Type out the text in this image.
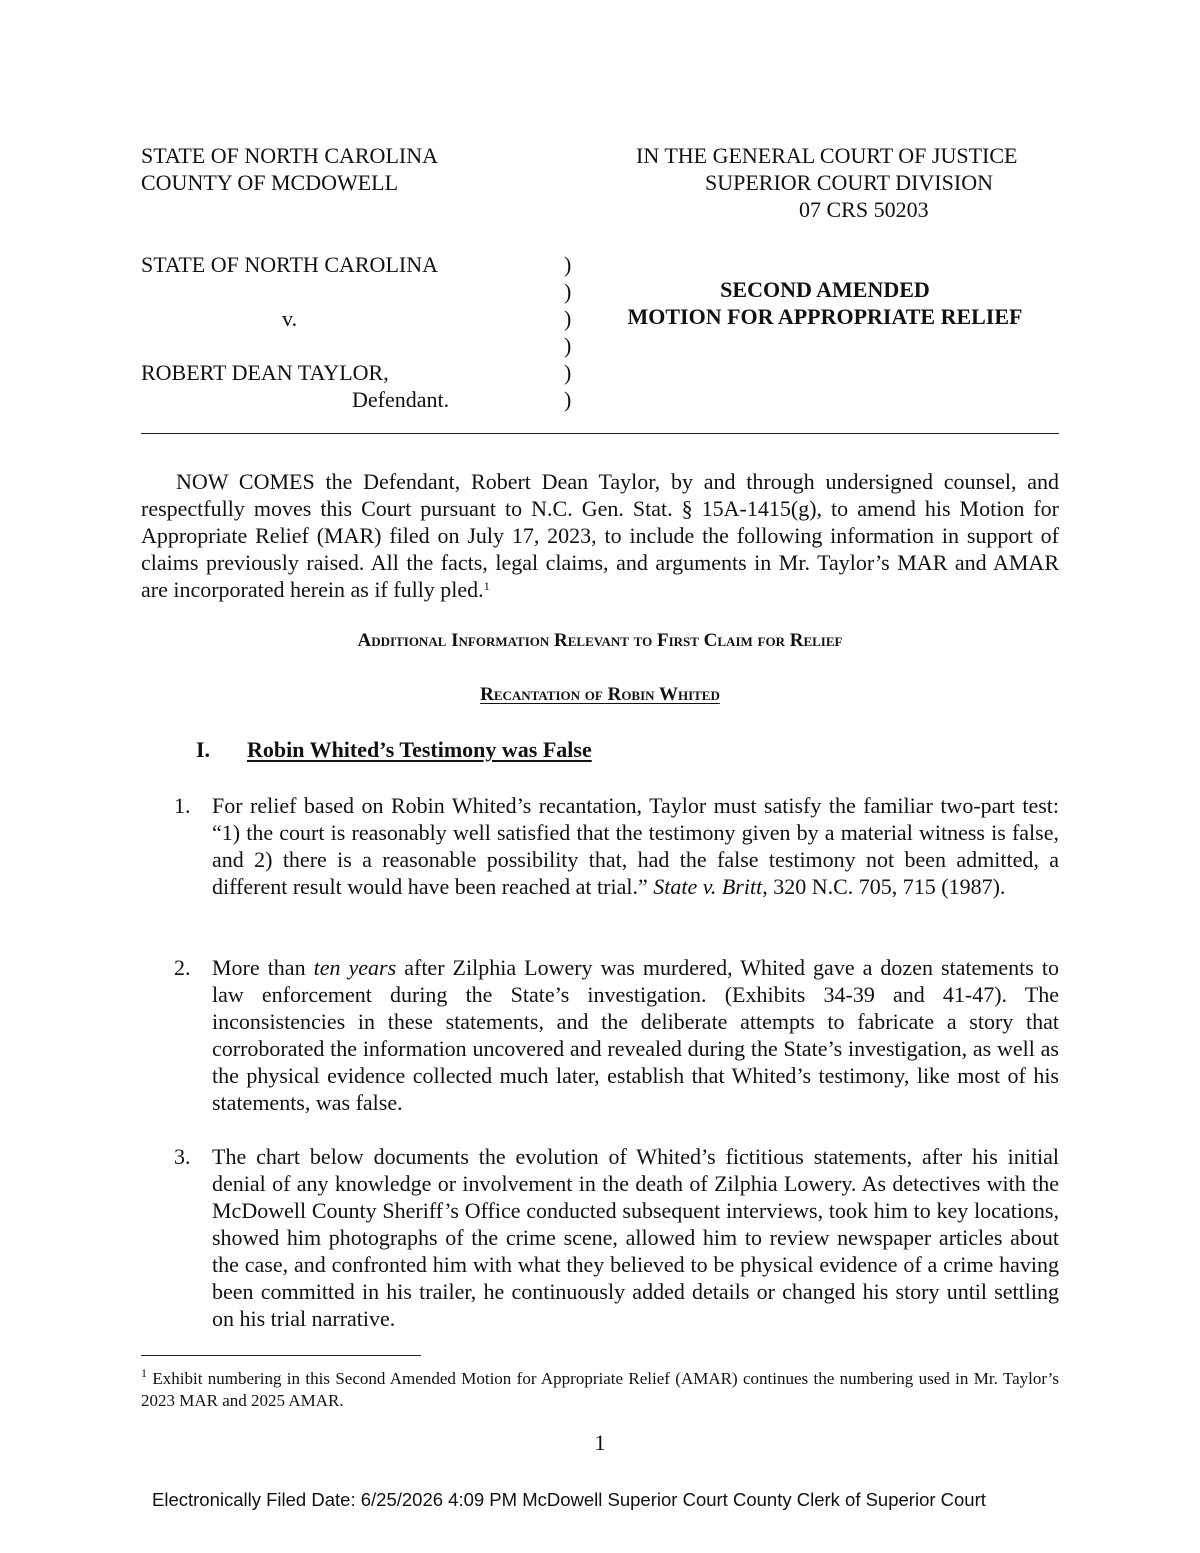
STATE OF NORTH CAROLINA
COUNTY OF MCDOWELL
IN THE GENERAL COURT OF JUSTICE
SUPERIOR COURT DIVISION
07 CRS 50203
STATE OF NORTH CAROLINA
v.
ROBERT DEAN TAYLOR,
Defendant.
)
)
)
)
)
)
SECOND AMENDED
MOTION FOR APPROPRIATE RELIEF
NOW COMES the Defendant, Robert Dean Taylor, by and through undersigned counsel, and respectfully moves this Court pursuant to N.C. Gen. Stat. § 15A-1415(g), to amend his Motion for Appropriate Relief (MAR) filed on July 17, 2023, to include the following information in support of claims previously raised. All the facts, legal claims, and arguments in Mr. Taylor’s MAR and AMAR are incorporated herein as if fully pled.$^1$
Additional Information Relevant to First Claim for Relief
Recantation of Robin Whited
I. Robin Whited’s Testimony was False
1. For relief based on Robin Whited’s recantation, Taylor must satisfy the familiar two-part test: “1) the court is reasonably well satisfied that the testimony given by a material witness is false, and 2) there is a reasonable possibility that, had the false testimony not been admitted, a different result would have been reached at trial.” State v. Britt, 320 N.C. 705, 715 (1987).
2. More than ten years after Zilphia Lowery was murdered, Whited gave a dozen statements to law enforcement during the State’s investigation. (Exhibits 34-39 and 41-47). The inconsistencies in these statements, and the deliberate attempts to fabricate a story that corroborated the information uncovered and revealed during the State’s investigation, as well as the physical evidence collected much later, establish that Whited’s testimony, like most of his statements, was false.
3. The chart below documents the evolution of Whited’s fictitious statements, after his initial denial of any knowledge or involvement in the death of Zilphia Lowery. As detectives with the McDowell County Sheriff’s Office conducted subsequent interviews, took him to key locations, showed him photographs of the crime scene, allowed him to review newspaper articles about the case, and confronted him with what they believed to be physical evidence of a crime having been committed in his trailer, he continuously added details or changed his story until settling on his trial narrative.
$^1$ Exhibit numbering in this Second Amended Motion for Appropriate Relief (AMAR) continues the numbering used in Mr. Taylor’s 2023 MAR and 2025 AMAR.
1
Electronically Filed Date: 6/25/2026 4:09 PM McDowell Superior Court County Clerk of Superior Court
